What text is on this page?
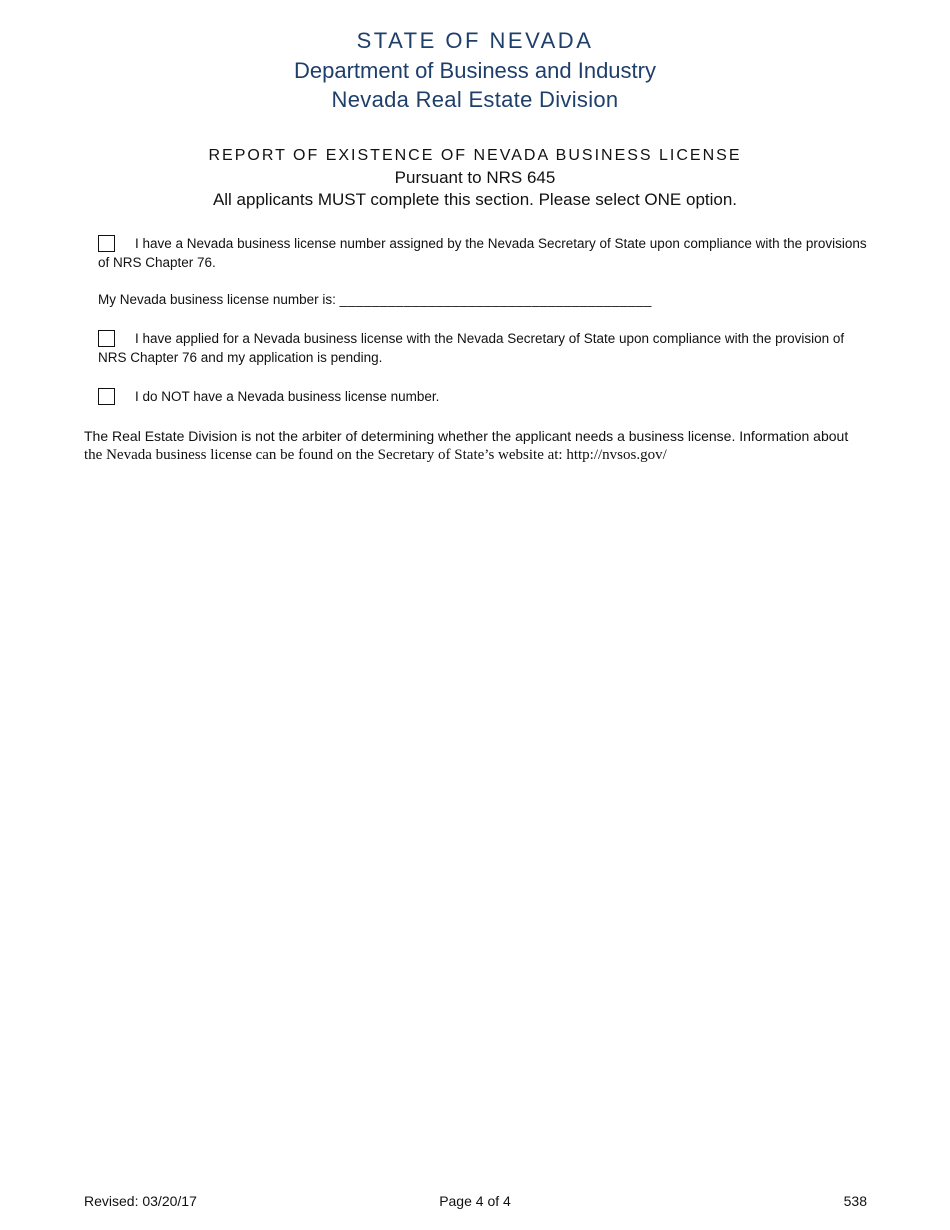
STATE OF NEVADA
Department of Business and Industry
Nevada Real Estate Division
REPORT OF EXISTENCE OF NEVADA BUSINESS LICENSE
Pursuant to NRS 645
All applicants MUST complete this section. Please select ONE option.
I have a Nevada business license number assigned by the Nevada Secretary of State upon compliance with the provisions of NRS Chapter 76.
My Nevada business license number is: _______________________________________
I have applied for a Nevada business license with the Nevada Secretary of State upon compliance with the provision of NRS Chapter 76 and my application is pending.
I do NOT have a Nevada business license number.
The Real Estate Division is not the arbiter of determining whether the applicant needs a business license. Information about
the Nevada business license can be found on the Secretary of State’s website at: http://nvsos.gov/
Revised: 03/20/17	Page 4 of 4	538
